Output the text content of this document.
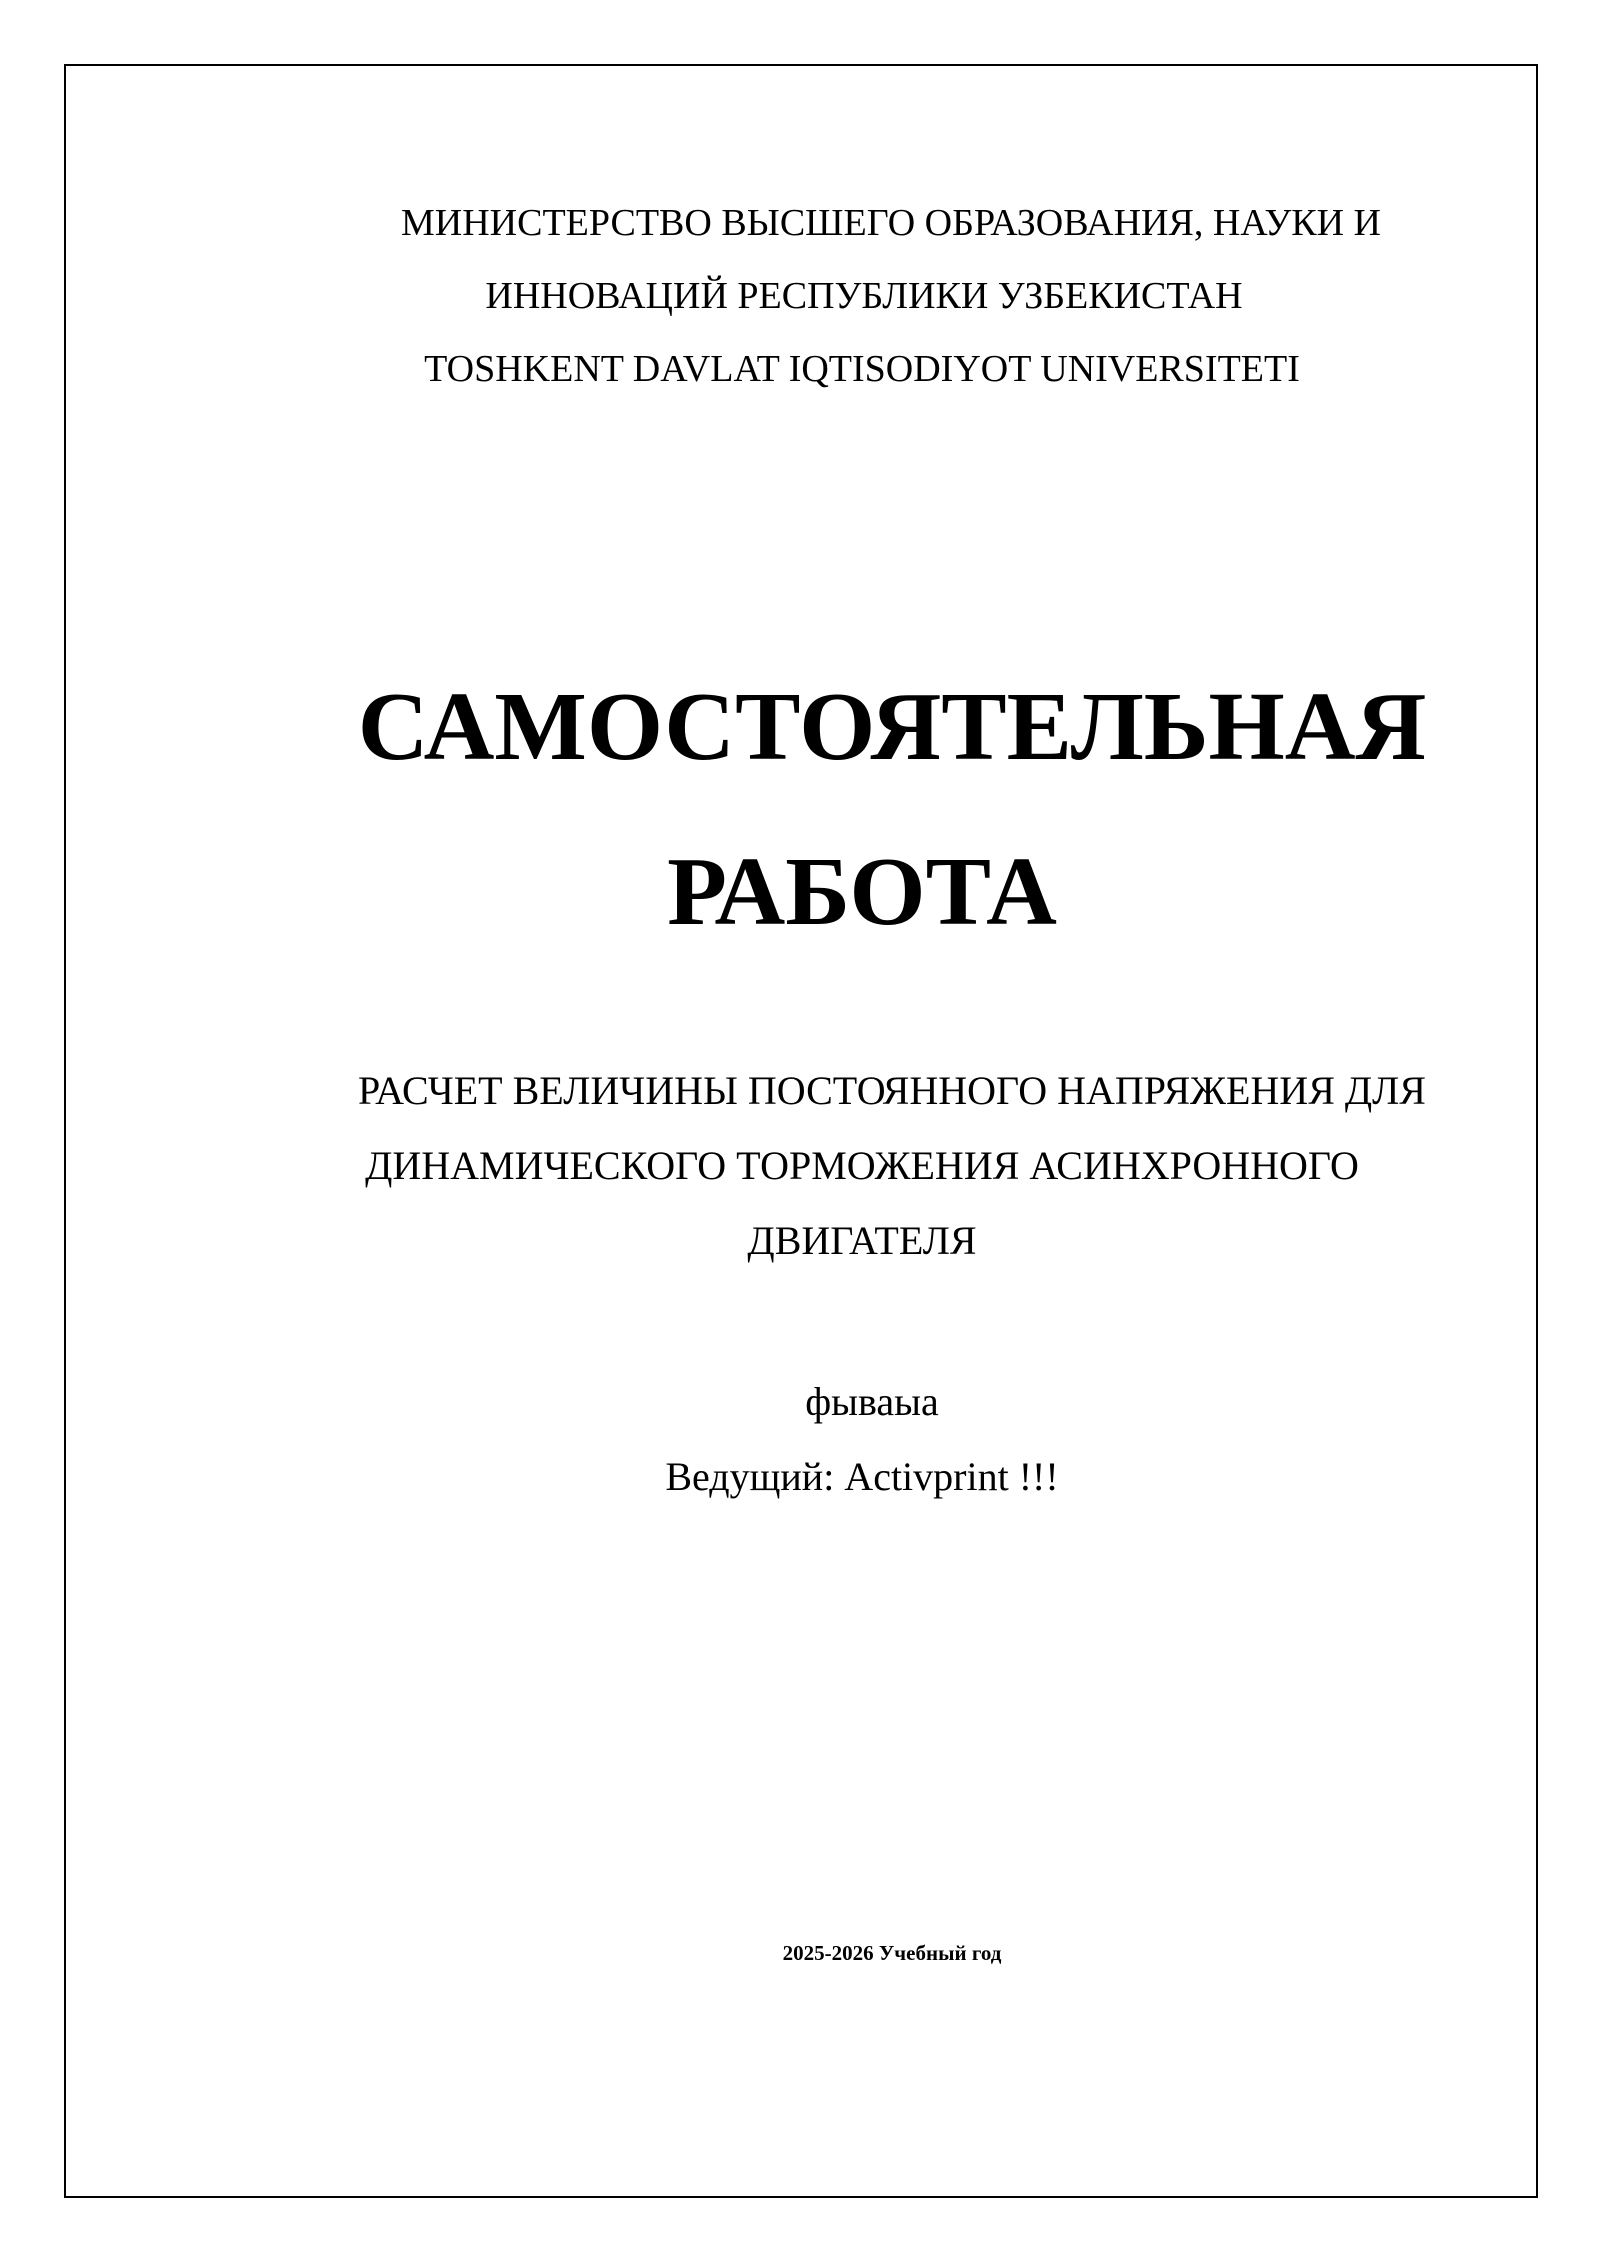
МИНИСТЕРСТВО ВЫСШЕГО ОБРАЗОВАНИЯ, НАУКИ И
ИННОВАЦИЙ РЕСПУБЛИКИ УЗБЕКИСТАН
TOSHKENT DAVLAT IQTISODIYOT UNIVERSITETI
САМОСТОЯТЕЛЬНАЯ
РАБОТА
РАСЧЕТ ВЕЛИЧИНЫ ПОСТОЯННОГО НАПРЯЖЕНИЯ ДЛЯ
ДИНАМИЧЕСКОГО ТОРМОЖЕНИЯ АСИНХРОННОГО
ДВИГАТЕЛЯ
фываыа
Ведущий: Activprint !!!
2025-2026 Учебный год
